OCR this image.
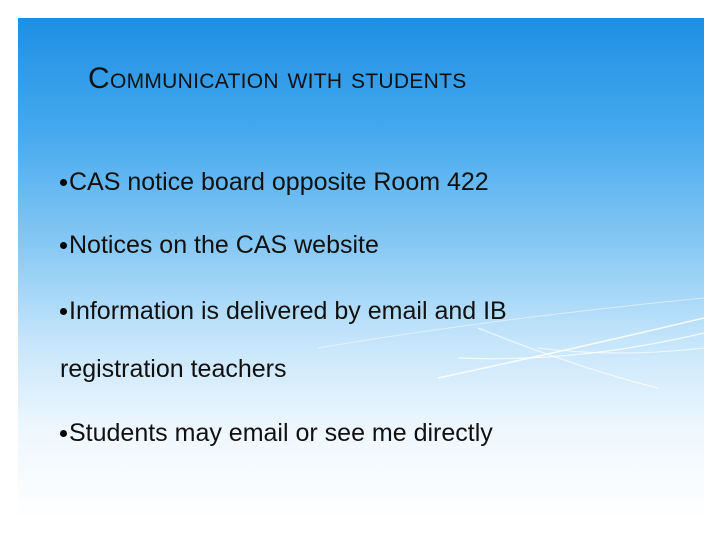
Communication with students
CAS notice board opposite Room 422
Notices on the CAS website
Information is delivered by email and IB
registration teachers
Students may email or see me directly
